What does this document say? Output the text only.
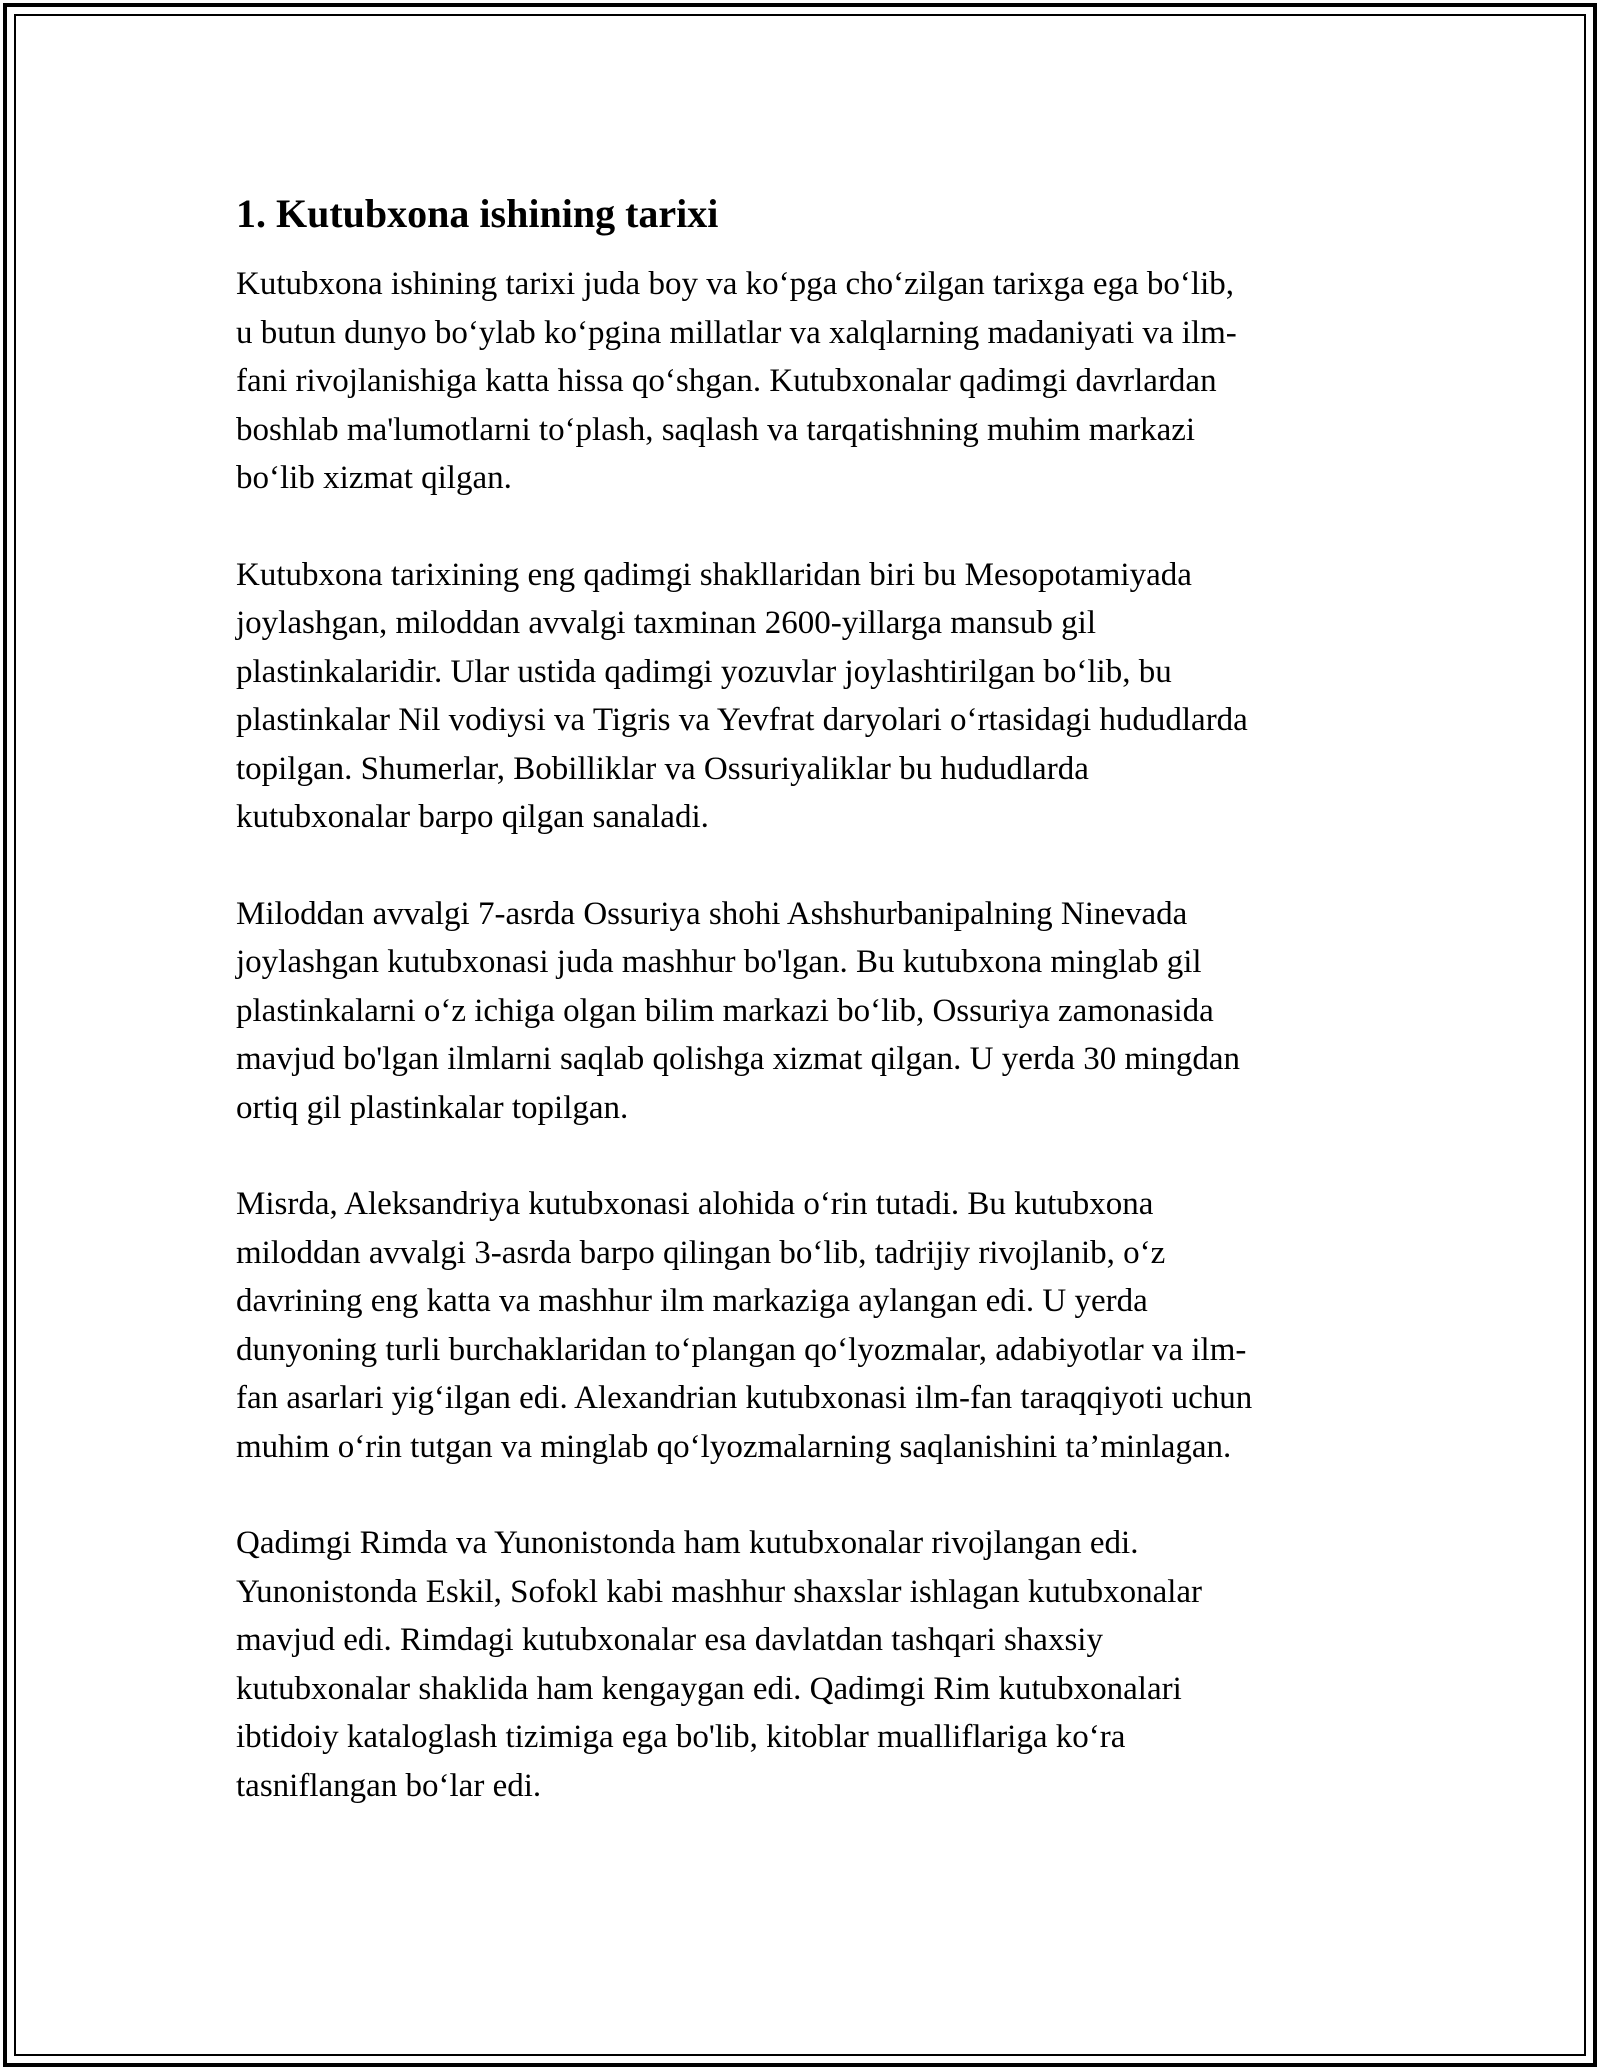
1. Kutubxona ishining tarixi

Kutubxona ishining tarixi juda boy va ko‘pga cho‘zilgan tarixga ega bo‘lib,
u butun dunyo bo‘ylab ko‘pgina millatlar va xalqlarning madaniyati va ilm-
fani rivojlanishiga katta hissa qo‘shgan. Kutubxonalar qadimgi davrlardan
boshlab ma'lumotlarni to‘plash, saqlash va tarqatishning muhim markazi
bo‘lib xizmat qilgan.

Kutubxona tarixining eng qadimgi shakllaridan biri bu Mesopotamiyada
joylashgan, miloddan avvalgi taxminan 2600-yillarga mansub gil
plastinkalaridir. Ular ustida qadimgi yozuvlar joylashtirilgan bo‘lib, bu
plastinkalar Nil vodiysi va Tigris va Yevfrat daryolari o‘rtasidagi hududlarda
topilgan. Shumerlar, Bobilliklar va Ossuriyaliklar bu hududlarda
kutubxonalar barpo qilgan sanaladi.

Miloddan avvalgi 7-asrda Ossuriya shohi Ashshurbanipalning Ninevada
joylashgan kutubxonasi juda mashhur bo'lgan. Bu kutubxona minglab gil
plastinkalarni o‘z ichiga olgan bilim markazi bo‘lib, Ossuriya zamonasida
mavjud bo'lgan ilmlarni saqlab qolishga xizmat qilgan. U yerda 30 mingdan
ortiq gil plastinkalar topilgan.

Misrda, Aleksandriya kutubxonasi alohida o‘rin tutadi. Bu kutubxona
miloddan avvalgi 3-asrda barpo qilingan bo‘lib, tadrijiy rivojlanib, o‘z
davrining eng katta va mashhur ilm markaziga aylangan edi. U yerda
dunyoning turli burchaklaridan to‘plangan qo‘lyozmalar, adabiyotlar va ilm-
fan asarlari yig‘ilgan edi. Alexandrian kutubxonasi ilm-fan taraqqiyoti uchun
muhim o‘rin tutgan va minglab qo‘lyozmalarning saqlanishini ta’minlagan.

Qadimgi Rimda va Yunonistonda ham kutubxonalar rivojlangan edi.
Yunonistonda Eskil, Sofokl kabi mashhur shaxslar ishlagan kutubxonalar
mavjud edi. Rimdagi kutubxonalar esa davlatdan tashqari shaxsiy
kutubxonalar shaklida ham kengaygan edi. Qadimgi Rim kutubxonalari
ibtidoiy kataloglash tizimiga ega bo'lib, kitoblar mualliflariga ko‘ra
tasniflangan bo‘lar edi.
